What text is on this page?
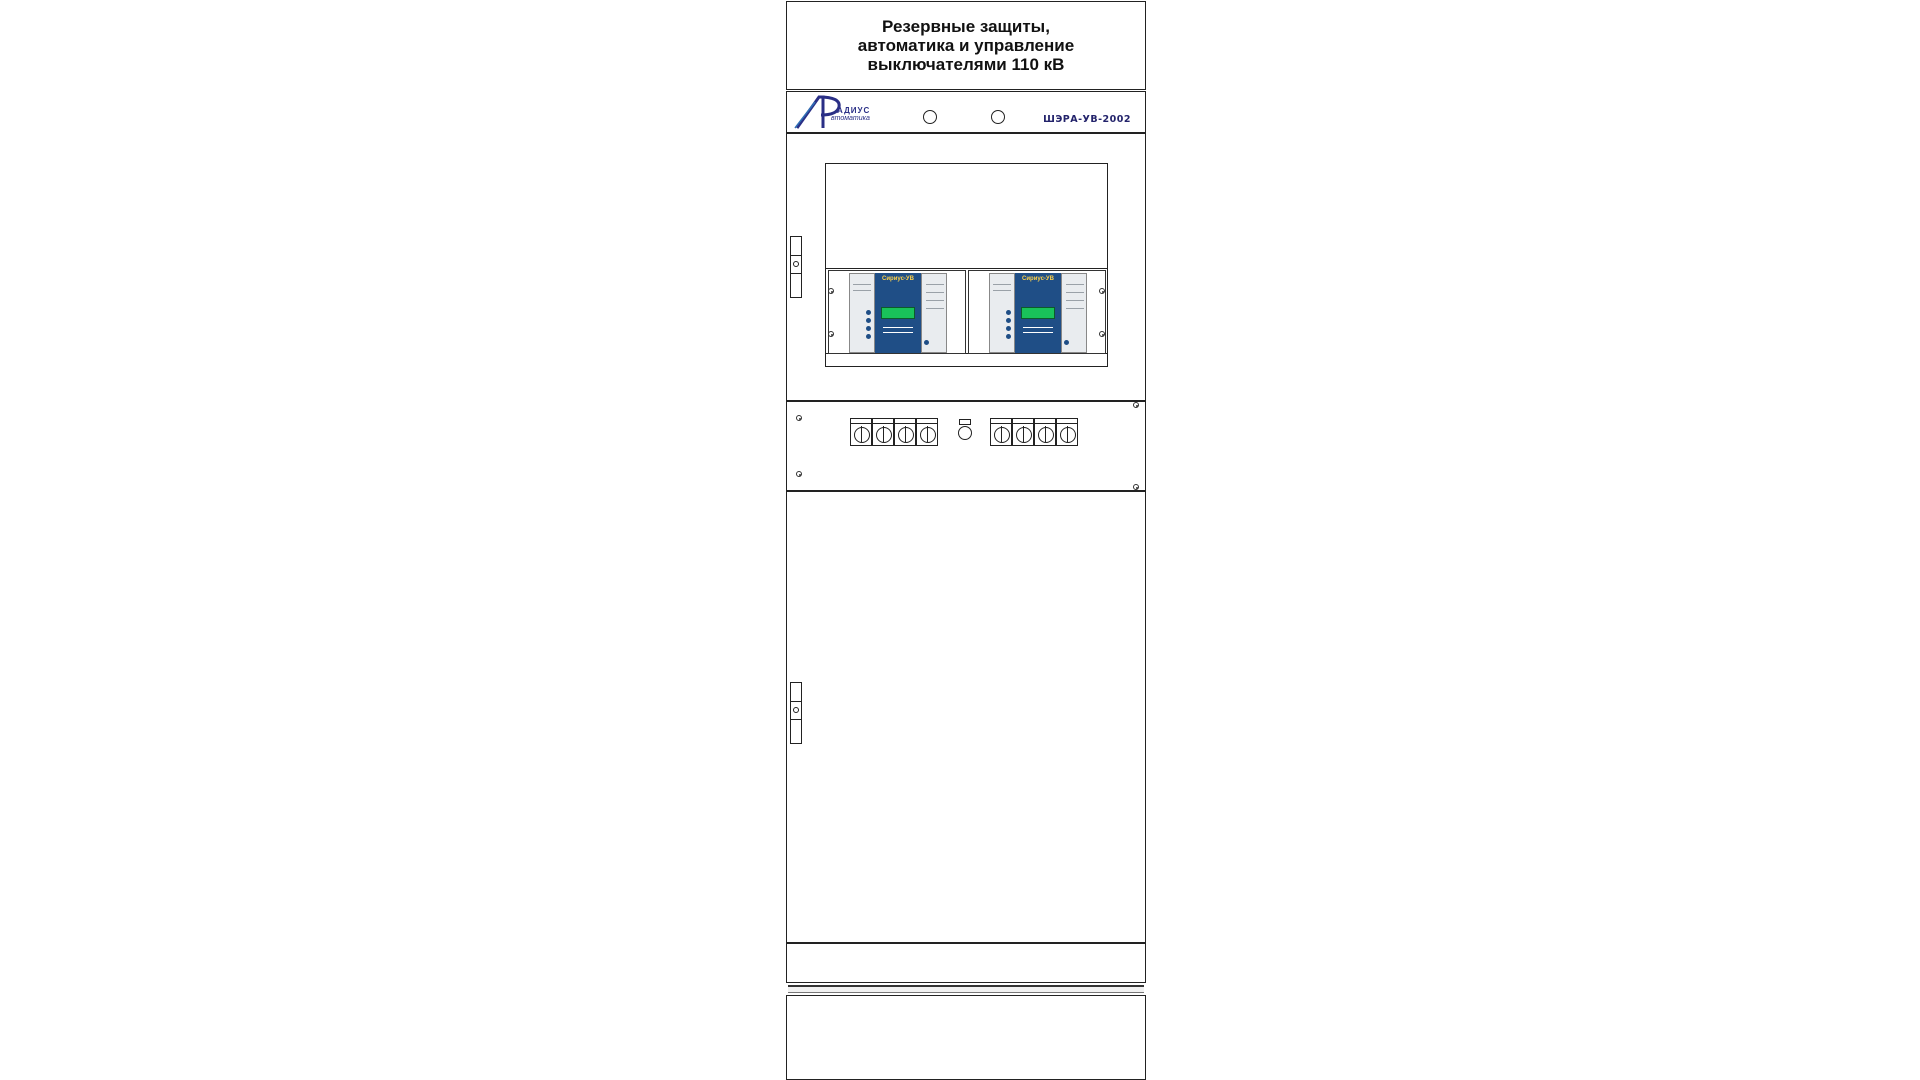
Резервные защиты,
автоматика и управление
выключателями 110 кВ
АДИУС
втоматика	ШЭРА-УВ-2002
Сириус-УВ	Сириус-УВ
